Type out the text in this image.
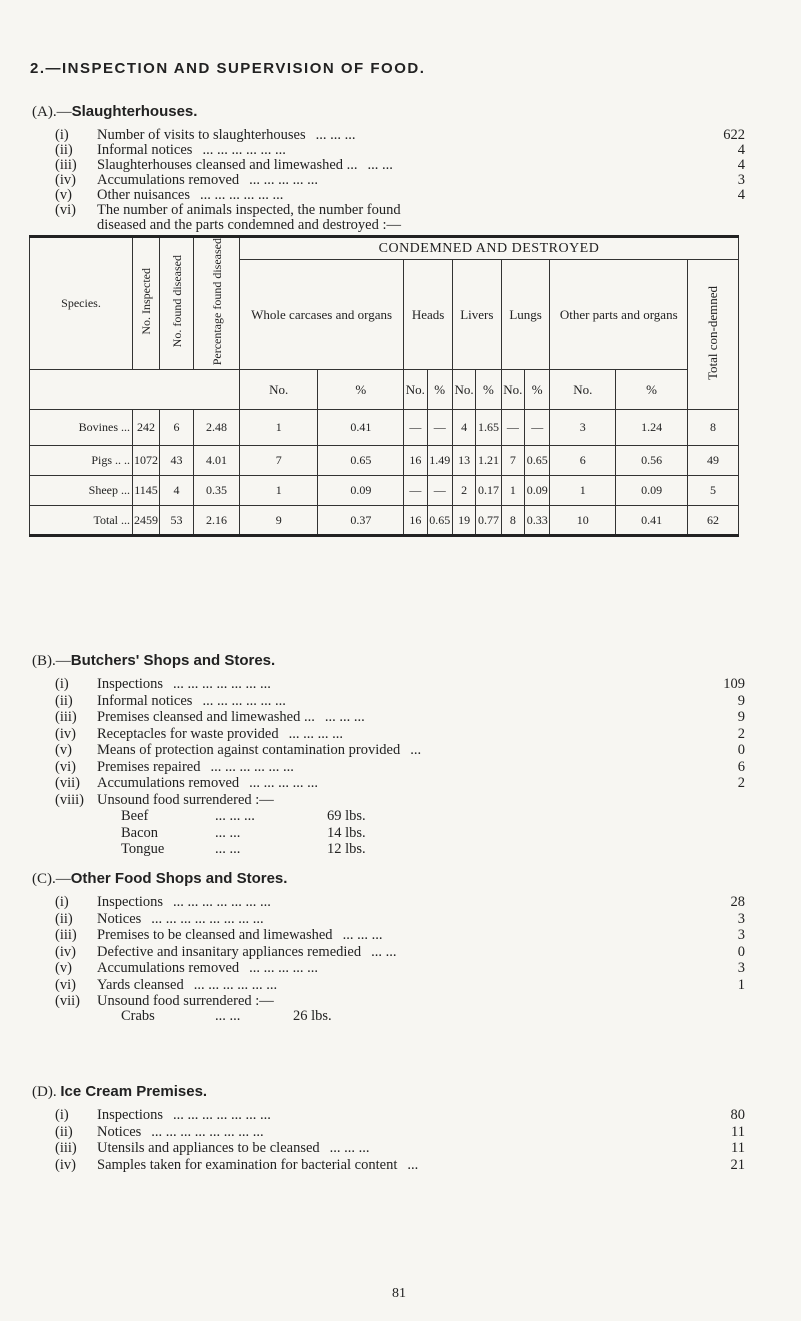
2.—INSPECTION AND SUPERVISION OF FOOD.
(A).—Slaughterhouses.
(i) Number of visits to slaughterhouses ... ... ...	622
(ii) Informal notices ... ... ... ... ... ...	4
(iii) Slaughterhouses cleansed and limewashed ... ... ...	4
(iv) Accumulations removed ... ... ... ... ...	3
(v) Other nuisances ... ... ... ... ... ...	4
(vi) The number of animals inspected, the number found
diseased and the parts condemned and destroyed :—
Species.	No. Inspected	No. found diseased	Percentage found diseased	CONDEMNED AND DESTROYED										
				Whole carcases and organs		Heads		Livers		Lungs		Other parts and organs		Total con-demned
				No.	%	No.	%	No.	%	No.	%	No.	%	
Bovines ...	242	6	2.48	1	0.41	—	—	4	1.65	—	—	3	1.24	8
Pigs .. ..	1072	43	4.01	7	0.65	16	1.49	13	1.21	7	0.65	6	0.56	49
Sheep ...	1145	4	0.35	1	0.09	—	—	2	0.17	1	0.09	1	0.09	5
Total ...	2459	53	2.16	9	0.37	16	0.65	19	0.77	8	0.33	10	0.41	62
(B).—Butchers' Shops and Stores.
(i) Inspections ... ... ... ... ... ... ...	109
(ii) Informal notices ... ... ... ... ... ...	9
(iii) Premises cleansed and limewashed ... ... ... ...	9
(iv) Receptacles for waste provided ... ... ... ...	2
(v) Means of protection against contamination provided ...	0
(vi) Premises repaired ... ... ... ... ... ...	6
(vii) Accumulations removed ... ... ... ... ...	2
(viii) Unsound food surrendered :—
Beef	... ... ...	69 lbs.
Bacon	... ...	14 lbs.
Tongue	... ...	12 lbs.
(C).—Other Food Shops and Stores.
(i) Inspections ... ... ... ... ... ... ...	28
(ii) Notices ... ... ... ... ... ... ... ...	3
(iii) Premises to be cleansed and limewashed ... ... ...	3
(iv) Defective and insanitary appliances remedied ... ...	0
(v) Accumulations removed ... ... ... ... ...	3
(vi) Yards cleansed ... ... ... ... ... ...	1
(vii) Unsound food surrendered :—
Crabs	... ...	26 lbs.
(D). Ice Cream Premises.
(i) Inspections ... ... ... ... ... ... ...	80
(ii) Notices ... ... ... ... ... ... ... ...	11
(iii) Utensils and appliances to be cleansed ... ... ...	11
(iv) Samples taken for examination for bacterial content ...	21
81
